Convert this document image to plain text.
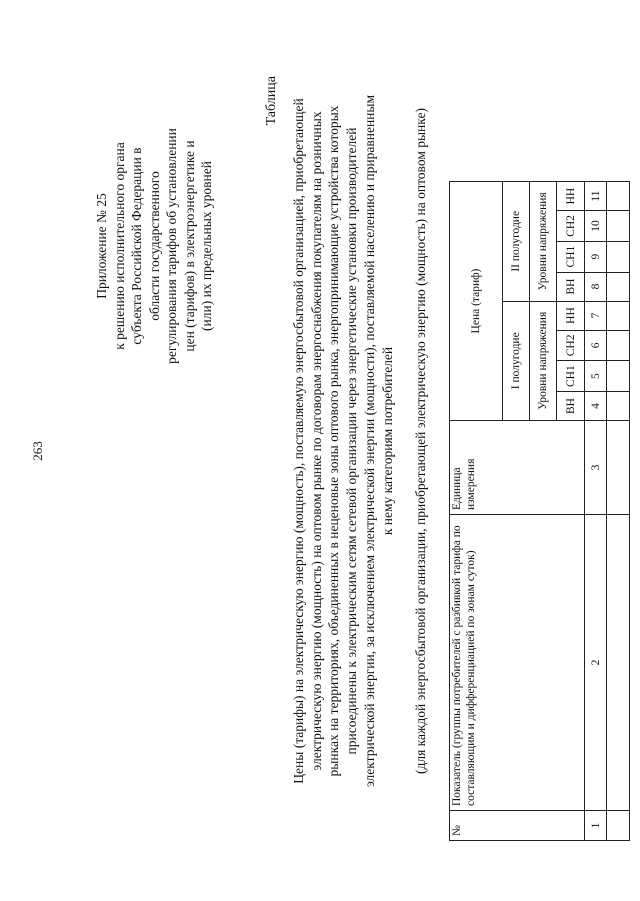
263
Приложение № 25 к решению исполнительного органа субъекта Российской Федерации в области государственного регулирования тарифов об установлении цен (тарифов) в электроэнергетике и (или) их предельных уровней
Таблица Цены (тарифы) на электрическую энергию (мощность), поставляемую энергосбытовой организацией, приобретающей электрическую энергию (мощность) на оптовом рынке по договорам энергоснабжения покупателям на розничных рынках на территориях, объединенных в неценовые зоны оптового рынка, энергопринимающие устройства которых присоединены к электрическим сетям сетевой организации через энергетические установки производителей электрической энергии, за исключением электрической энергии (мощности), поставляемой населению и приравненным к нему категориям потребителей (для каждой энергосбытовой организации, приобретающей электрическую энергию (мощность) на оптовом рынке)
№	Показатель (группы потребителей с разбивкой тарифа по составляющим и дифференциацией по зонам суток)	Единица измерения	Цена (тариф)							
			I полугодие				II полугодие			
			Уровни напряжения				Уровни напряжения			
			ВН	СН1	СН2	НН	ВН	СН1	СН2	НН
1	2	3	4	5	6	7	8	9	10	11
